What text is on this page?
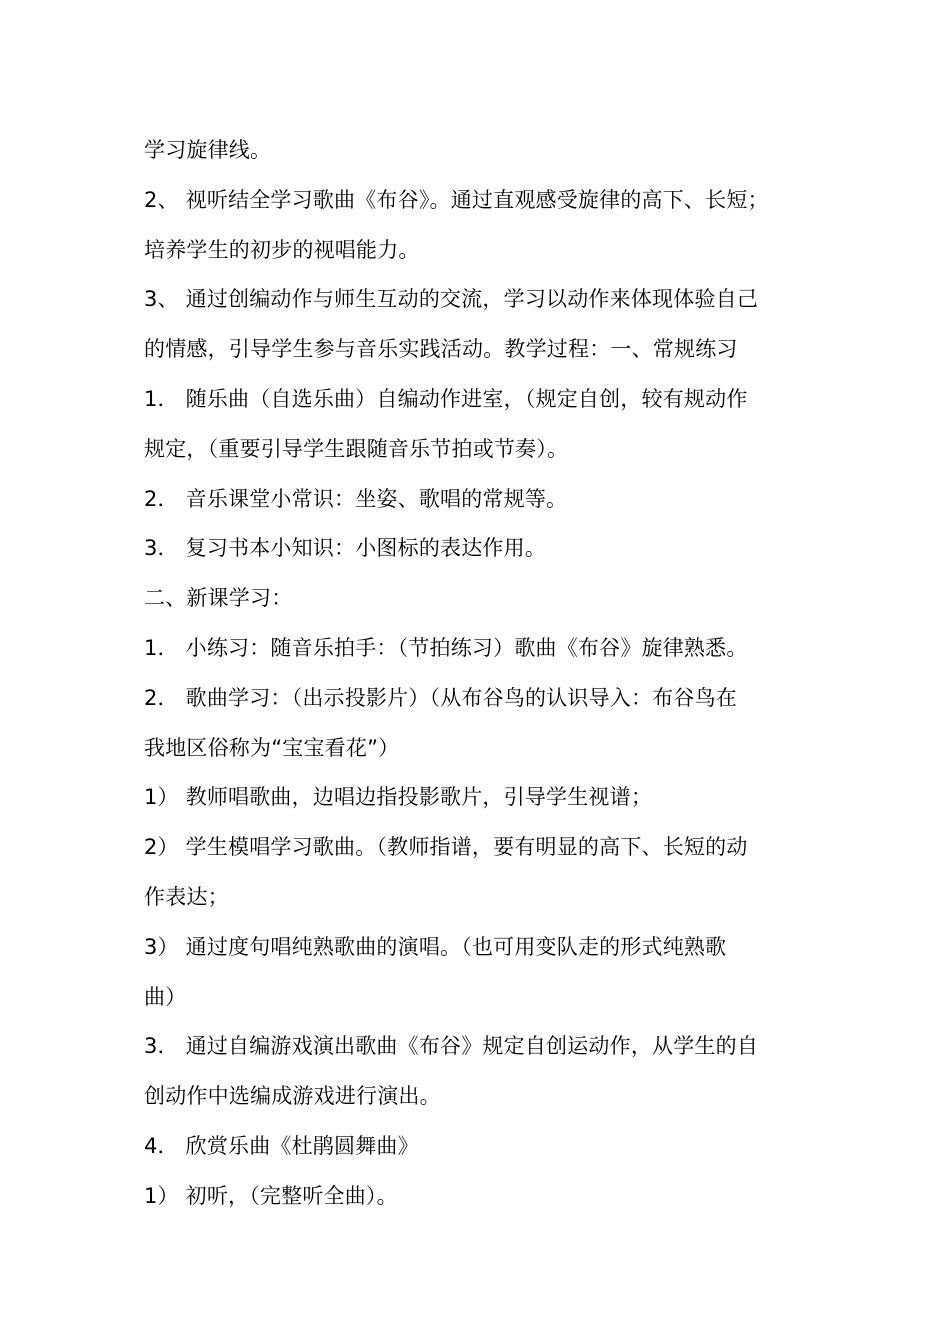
学习旋律线。
2、 视听结全学习歌曲《布谷》。通过直观感受旋律的高下、长短；
培养学生的初步的视唱能力。
3、 通过创编动作与师生互动的交流，学习以动作来体现体验自己
的情感，引导学生参与音乐实践活动。教学过程：一、常规练习
1． 随乐曲（自选乐曲）自编动作进室，（规定自创，较有规动作
规定，（重要引导学生跟随音乐节拍或节奏）。
2． 音乐课堂小常识：坐姿、歌唱的常规等。
3． 复习书本小知识：小图标的表达作用。
二、新课学习：
1． 小练习：随音乐拍手：（节拍练习）歌曲《布谷》旋律熟悉。
2． 歌曲学习：（出示投影片）（从布谷鸟的认识导入：布谷鸟在
我地区俗称为“宝宝看花”）
1） 教师唱歌曲，边唱边指投影歌片，引导学生视谱；
2） 学生模唱学习歌曲。（教师指谱，要有明显的高下、长短的动
作表达；
3） 通过度句唱纯熟歌曲的演唱。（也可用变队走的形式纯熟歌
曲）
3． 通过自编游戏演出歌曲《布谷》规定自创运动作，从学生的自
创动作中选编成游戏进行演出。
4． 欣赏乐曲《杜鹃圆舞曲》
1） 初听，（完整听全曲）。
